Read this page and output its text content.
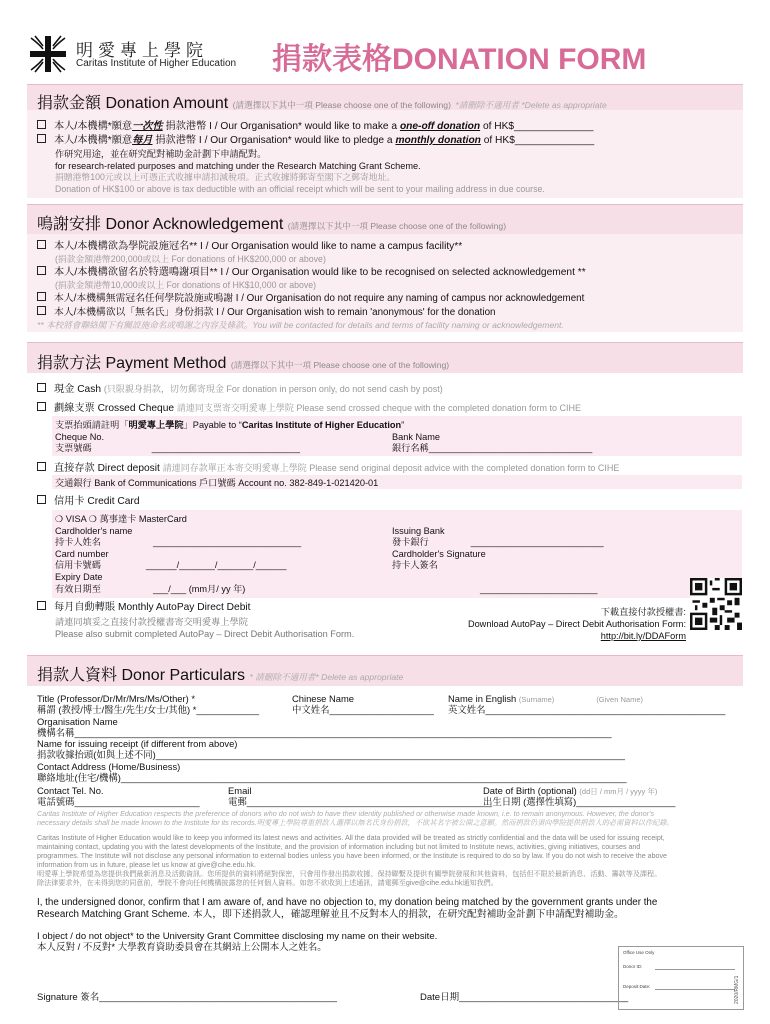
明愛專上學院
Caritas Institute of Higher Education 捐款表格DONATION FORM
捐款金額 Donation Amount (請選擇以下其中一項 Please choose one of the following) *請刪除不適用者 *Delete as appropriate
本人/本機構*願意一次性 捐款港幣 I / Our Organisation* would like to make a one-off donation of HK$______________
本人/本機構*願意每月 捐款港幣 I / Our Organisation* would like to pledge a monthly donation of HK$______________
作研究用途，並在研究配對補助金計劃下申請配對。
for research-related purposes and matching under the Research Matching Grant Scheme.
捐贈港幣100元或以上可憑正式收據申請扣減稅項。正式收據將郵寄至閣下之郵寄地址。
Donation of HK$100 or above is tax deductible with an official receipt which will be sent to your mailing address in due course.
鳴謝安排 Donor Acknowledgement (請選擇以下其中一項 Please choose one of the following)
本人/本機構欲為學院設施冠名** I / Our Organisation would like to name a campus facility**
(捐款金額港幣200,000或以上 For donations of HK$200,000 or above)
本人/本機構欲留名於特選鳴謝項目** I / Our Organisation would like to be recognised on selected acknowledgement **
(捐款金額港幣10,000或以上 For donations of HK$10,000 or above)
本人/本機構無需冠名任何學院設施或鳴謝 I / Our Organisation do not require any naming of campus nor acknowledgement
本人/本機構欲以「無名氏」身份捐款 I / Our Organisation wish to remain 'anonymous' for the donation
** 本校將會聯絡閣下有關設施命名或鳴謝之內容及條款。You will be contacted for details and terms of facility naming or acknowledgement.
捐款方法 Payment Method (請選擇以下其中一項 Please choose one of the following)
現金 Cash (只限親身捐款，切勿郵寄現金 For donation in person only, do not send cash by post)
劃線支票 Crossed Cheque 請連同支票寄交明愛專上學院 Please send crossed cheque with the completed donation form to CIHE
支票抬頭請註明「明愛專上學院」Payable to “Caritas Institute of Higher Education”
Cheque No.
支票號碼	_____________________________
Bank Name
銀行名稱________________________________
直接存款 Direct deposit 請連同存款單正本寄交明愛專上學院 Please send original deposit advice with the completed donation form to CIHE
交通銀行 Bank of Communications 戶口號碼 Account no. 382-849-1-021420-01
信用卡 Credit Card
❍ VISA ❍ 萬事達卡 MasterCard
Cardholder's name
持卡人姓名	_____________________________
Card number
信用卡號碼	______/_______/_______/______
Expiry Date
有效日期至	___/___ (mm月/ yy 年)
Issuing Bank
發卡銀行	__________________________
Cardholder's Signature
持卡人簽名
_______________________
每月自動轉賬 Monthly AutoPay Direct Debit
請連同填妥之直接付款授權書寄交明愛專上學院
Please also submit completed AutoPay – Direct Debit Authorisation Form.
下載直接付款授權書:
Download AutoPay – Direct Debit Authorisation Form:
http://bit.ly/DDAForm
捐款人資料 Donor Particulars * 請刪除不適用者* Delete as appropriate
Title (Professor/Dr/Mr/Mrs/Ms/Other) *
稱謂 (教授/博士/醫生/先生/女士/其他) *____________
Chinese Name
中文姓名____________________
Name in English (Surname)	(Given Name)
英文姓名______________________________________________
Organisation Name
機構名稱_______________________________________________________________________________________________________
Name for issuing receipt (if different from above)
捐款收據抬頭(如與上述不同)__________________________________________________________________________________________
Contact Address (Home/Business)
聯絡地址(住宅/機構)_________________________________________________________________________________________________
Contact Tel. No.
電話號碼________________________
Email
電郵_______________________________________________
Date of Birth (optional) (dd日 / mm月 / yyyy 年)
出生日期 (選擇性填寫)___________________
Caritas Institute of Higher Education respects the preference of donors who do not wish to have their identity published or otherwise made known, i.e. to remain anonymous. However, the donor's
necessary details shall be made known to the Institute for its records.明愛專上學院尊重捐款人選擇以無名氏身份捐款，不欲其名字被公開之意願。然而捐款仍須向學院提供捐款人的必需資料以作紀錄。
Caritas Institute of Higher Education would like to keep you informed its latest news and activities. All the data provided will be treated as strictly confidential and the data will be used for issuing receipt,
maintaining contact, updating you with the latest developments of the Institute, and the provision of information including but not limited to Institute news, activities, giving initiatives, courses and
programmes. The Institute will not disclose any personal information to external bodies unless you have been informed, or the Institute is required to do so by law. If you do not wish to receive the above
information from us in future, please let us know at give@cihe.edu.hk.
明愛專上學院希望為您提供我們最新消息及活動資訊。您所提供的資料將絕對保密，只會用作發出捐款收據、保持聯繫及提供有關學院發展和其他資料，包括但不限於最新消息、活動、籌款等及課程。
除法律要求外，在未得到您的同意前，學院不會向任何機構披露您的任何個人資料。如您不欲收到上述通訊，請電郵至give@cihe.edu.hk通知我們。
I, the undersigned donor, confirm that I am aware of, and have no objection to, my donation being matched by the government grants under the
Research Matching Grant Scheme. 本人，即下述捐款人，確認理解並且不反對本人的捐款，在研究配對補助金計劃下申請配對補助金。
I object / do not object* to the University Grant Committee disclosing my name on their website.
本人反對 / 不反對* 大學教育資助委員會在其網站上公開本人之姓名。
Signature 簽名_____________________________________________	Date日期________________________________
Office Use Only
Donor ID:
Deposit Date:	2020/RMG/1
